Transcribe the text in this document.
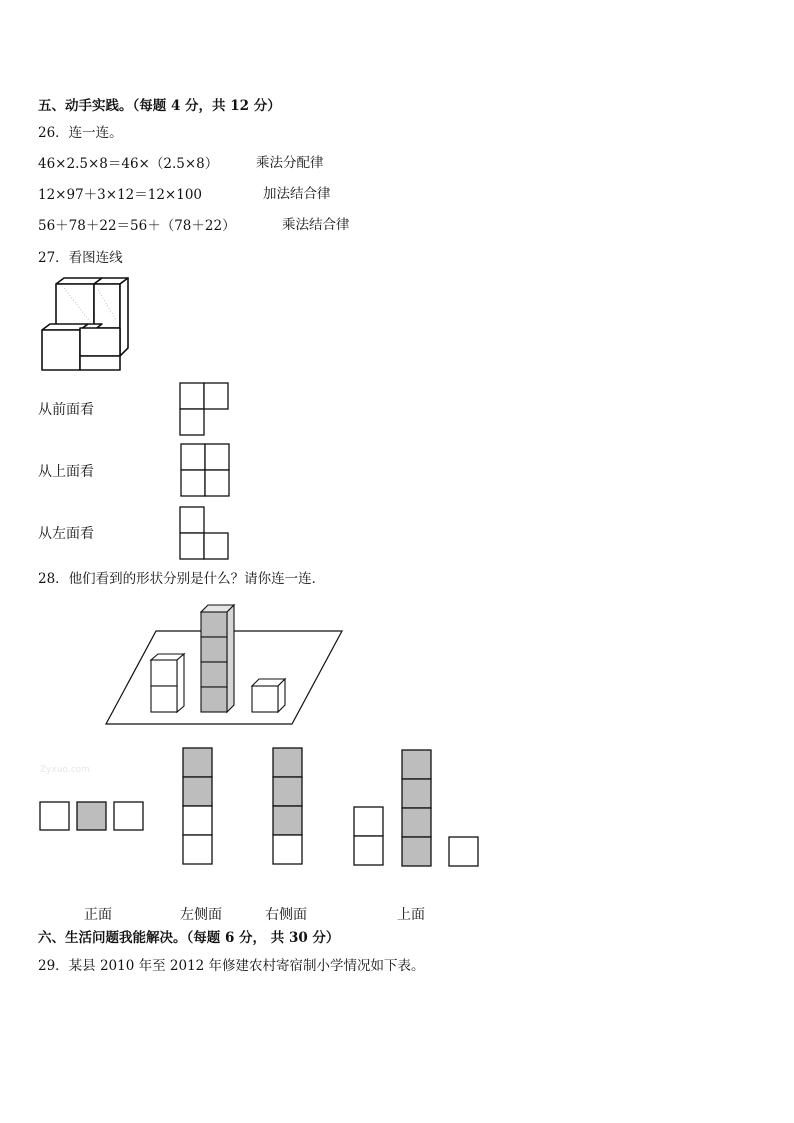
五、动手实践。（每题 4 分，共 12 分）
26．连一连。
46×2.5×8＝46×（2.5×8）	乘法分配律
12×97＋3×12＝12×100	加法结合律
56＋78＋22＝56＋（78＋22）	乘法结合律
27．看图连线
从前面看
从上面看
从左面看
28．他们看到的形状分别是什么？请你连一连．
Zyxuo.com
正面	左侧面	右侧面	上面
六、生活问题我能解决。（每题 6 分， 共 30 分）
29．某县 2010 年至 2012 年修建农村寄宿制小学情况如下表。
